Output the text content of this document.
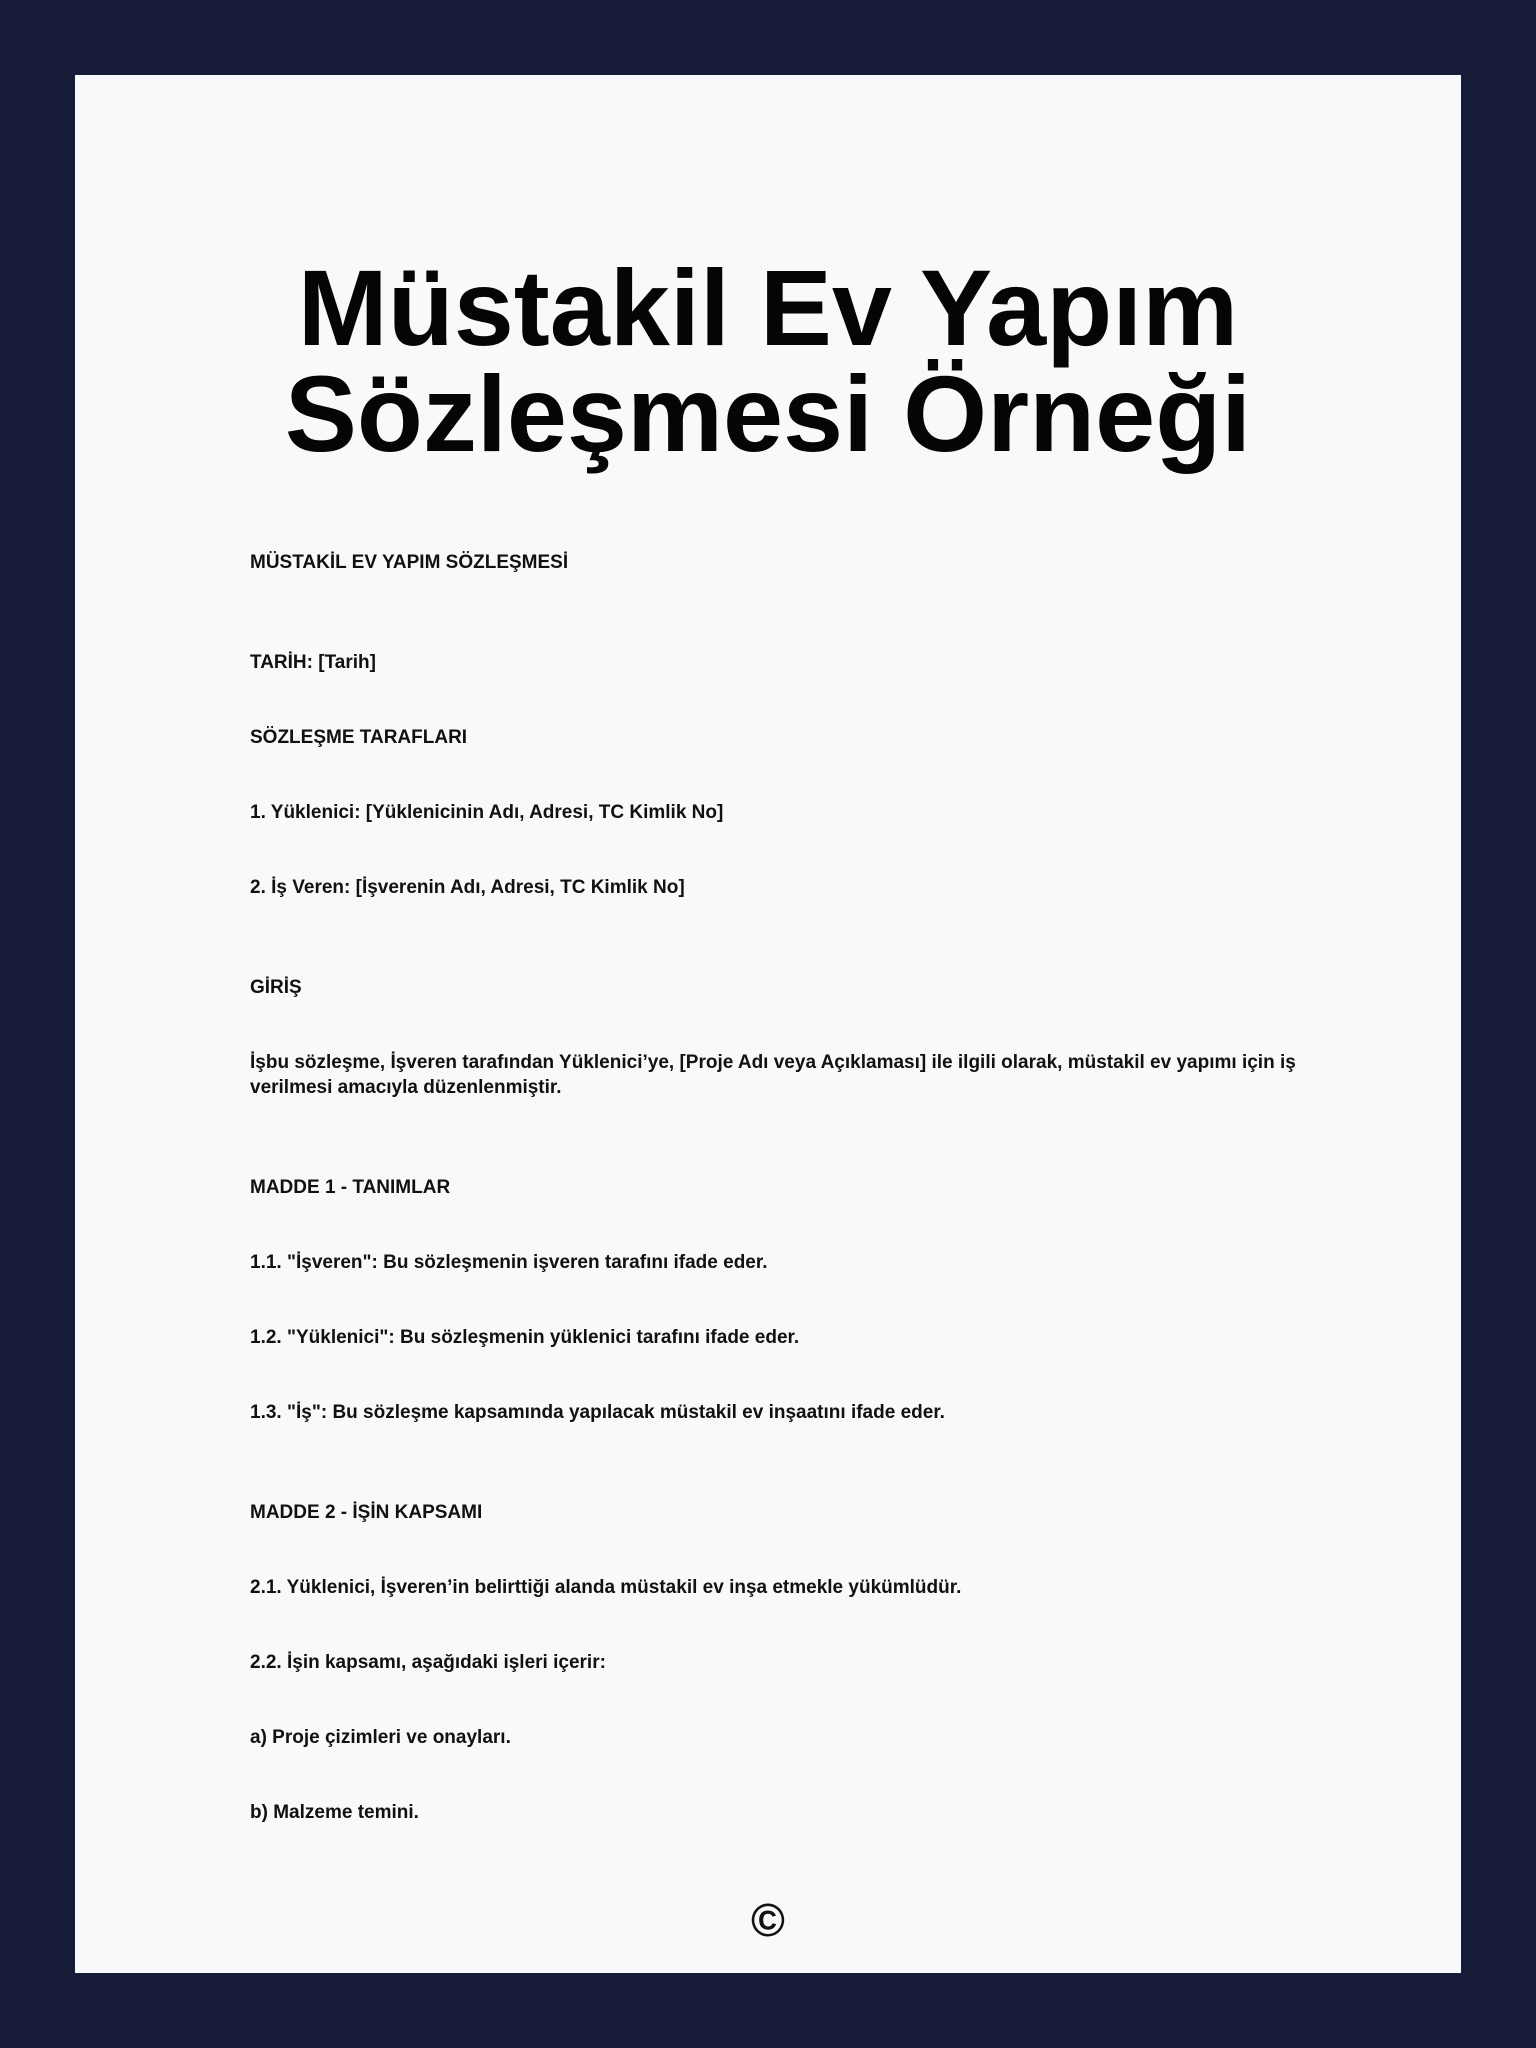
Müstakil Ev Yapım
Sözleşmesi Örneği

MÜSTAKİL EV YAPIM SÖZLEŞMESİ

TARİH: [Tarih]

SÖZLEŞME TARAFLARI

1. Yüklenici: [Yüklenicinin Adı, Adresi, TC Kimlik No]

2. İş Veren: [İşverenin Adı, Adresi, TC Kimlik No]

GİRİŞ

İşbu sözleşme, İşveren tarafından Yüklenici’ye, [Proje Adı veya Açıklaması] ile ilgili olarak, müstakil ev yapımı için iş verilmesi amacıyla düzenlenmiştir.

MADDE 1 - TANIMLAR

1.1. "İşveren": Bu sözleşmenin işveren tarafını ifade eder.

1.2. "Yüklenici": Bu sözleşmenin yüklenici tarafını ifade eder.

1.3. "İş": Bu sözleşme kapsamında yapılacak müstakil ev inşaatını ifade eder.

MADDE 2 - İŞİN KAPSAMI

2.1. Yüklenici, İşveren’in belirttiği alanda müstakil ev inşa etmekle yükümlüdür.

2.2. İşin kapsamı, aşağıdaki işleri içerir:

a) Proje çizimleri ve onayları.

b) Malzeme temini.

©
